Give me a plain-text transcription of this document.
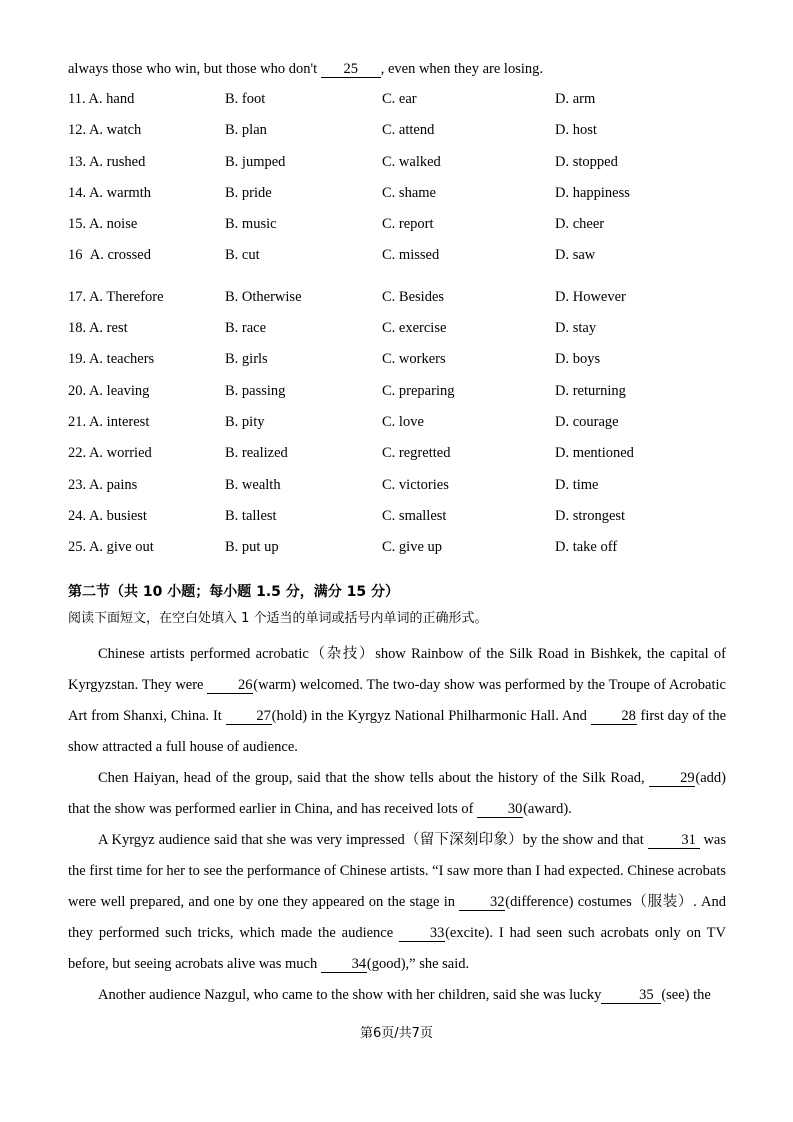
always those who win, but those who don't 25 , even when they are losing.
11. A. hand	B. foot	C. ear	D. arm
12. A. watch	B. plan	C. attend	D. host
13. A. rushed	B. jumped	C. walked	D. stopped
14. A. warmth	B. pride	C. shame	D. happiness
15. A. noise	B. music	C. report	D. cheer
16 A. crossed	B. cut	C. missed	D. saw
17. A. Therefore	B. Otherwise	C. Besides	D. However
18. A. rest	B. race	C. exercise	D. stay
19. A. teachers	B. girls	C. workers	D. boys
20. A. leaving	B. passing	C. preparing	D. returning
21. A. interest	B. pity	C. love	D. courage
22. A. worried	B. realized	C. regretted	D. mentioned
23. A. pains	B. wealth	C. victories	D. time
24. A. busiest	B. tallest	C. smallest	D. strongest
25. A. give out	B. put up	C. give up	D. take off
第二节（共 10 小题；每小题 1.5 分，满分 15 分）
阅读下面短文，在空白处填入 1 个适当的单词或括号内单词的正确形式。

Chinese artists performed acrobatic（杂技）show Rainbow of the Silk Road in Bishkek, the capital of Kyrgyzstan. They were 26(warm) welcomed. The two-day show was performed by the Troupe of Acrobatic Art from Shanxi, China. It 27(hold) in the Kyrgyz National Philharmonic Hall. And 28 first day of the show attracted a full house of audience.

Chen Haiyan, head of the group, said that the show tells about the history of the Silk Road, 29(add) that the show was performed earlier in China, and has received lots of 30(award).

A Kyrgyz audience said that she was very impressed（留下深刻印象）by the show and that	31 was the first time for her to see the performance of Chinese artists. “I saw more than I had expected. Chinese acrobats were well prepared, and one by one they appeared on the stage in 32(difference) costumes（服装）. And they performed such tricks, which made the audience	33(excite). I had seen such acrobats only on TV before, but seeing acrobats alive was much 34(good),” she said.

Another audience Nazgul, who came to the show with her children, said she was lucky	35 (see) the

第6页/共7页
